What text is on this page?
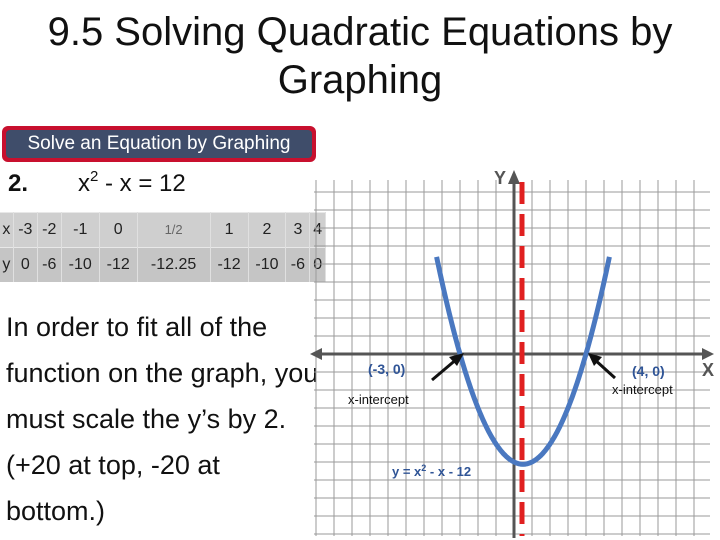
9.5 Solving Quadratic Equations by
Graphing
Solve an Equation by Graphing
2. $x^2 - x = 12$
x	-3	-2	-1	0	1/2	1	2	3	4
y	0	-6	-10	-12	-12.25	-12	-10	-6	0
In order to fit all of the function on the graph, you must scale the y’s by 2. (+20 at top, -20 at bottom.)
Y
X
(-3, 0)
x-intercept
(4, 0)
x-intercept
$y = x^2 - x - 12$
